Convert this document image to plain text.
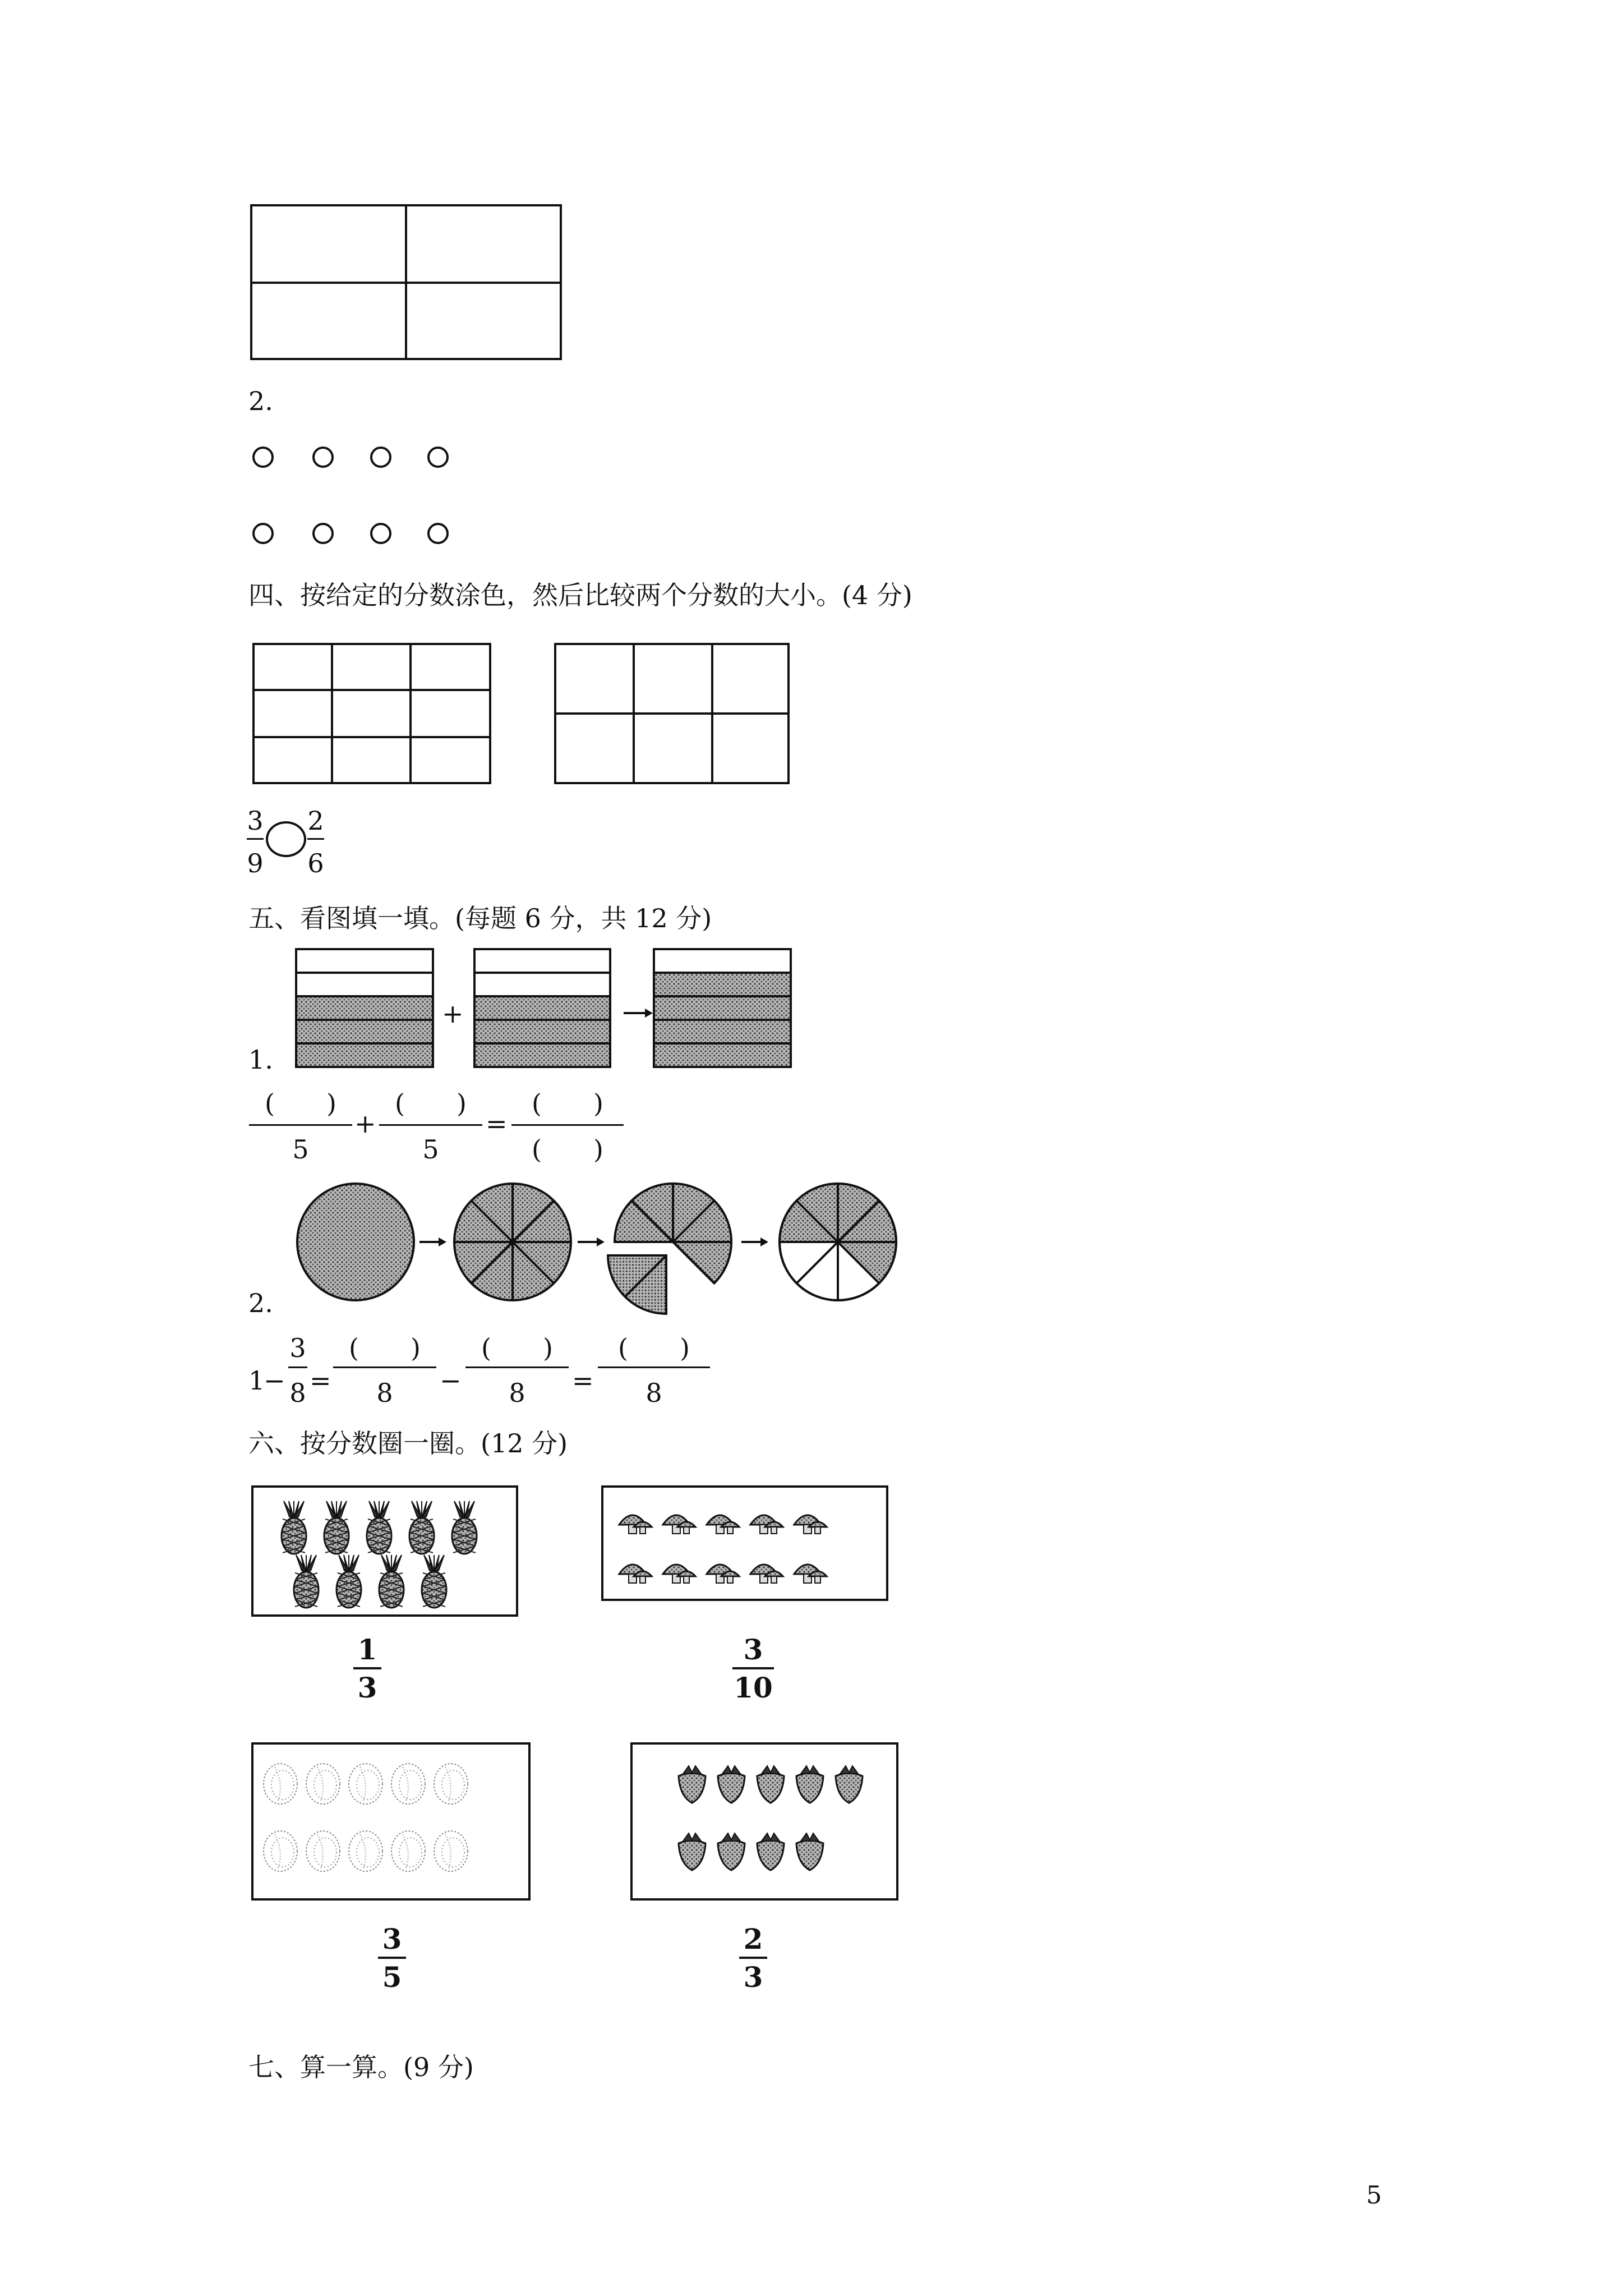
2.
四、按给定的分数涂色，然后比较两个分数的大小。(4 分)
3
9
2
6
五、看图填一填。(每题 6 分，共 12 分)
+
1.
(　　)
5
+
(　　)
5
=
(　　)
(　　)
2.
1
−
3
8 =
(　　)
8	−
(　　)
8	=
(　　)
8
六、按分数圈一圈。(12 分)
1
3
3
10
3
5
2
3
七、算一算。(9 分)
5
